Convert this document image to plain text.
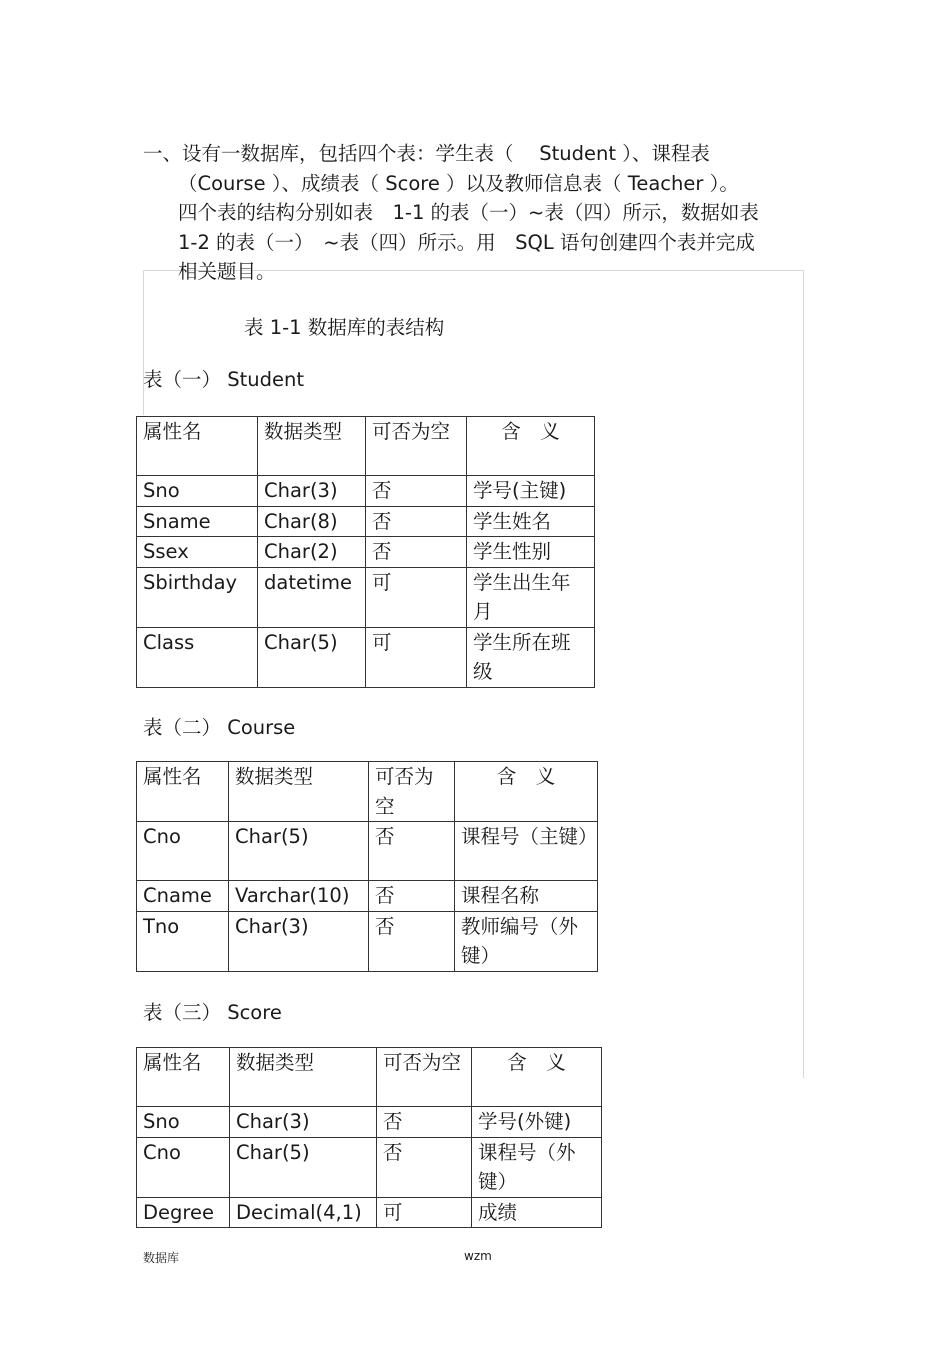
一、设有一数据库，包括四个表：学生表（　 Student ）、课程表
（Course ）、成绩表（ Score ）以及教师信息表（ Teacher ）。
四个表的结构分别如表　1-1 的表（一）~表（四）所示，数据如表
1-2 的表（一）　~表（四）所示。用　SQL 语句创建四个表并完成
相关题目。
表 1-1 数据库的表结构
表（一） Student
属性名	数据类型	可否为空	含　义
Sno	Char(3)	否	学号(主键)
Sname	Char(8)	否	学生姓名
Ssex	Char(2)	否	学生性别
Sbirthday	datetime	可	学生出生年月
Class	Char(5)	可	学生所在班级
表（二） Course
属性名	数据类型	可否为空	含　义
Cno	Char(5)	否	课程号（主键）
Cname	Varchar(10)	否	课程名称
Tno	Char(3)	否	教师编号（外键）
表（三） Score
属性名	数据类型	可否为空	含　义
Sno	Char(3)	否	学号(外键)
Cno	Char(5)	否	课程号（外键）
Degree	Decimal(4,1)	可	成绩
数据库	wzm
